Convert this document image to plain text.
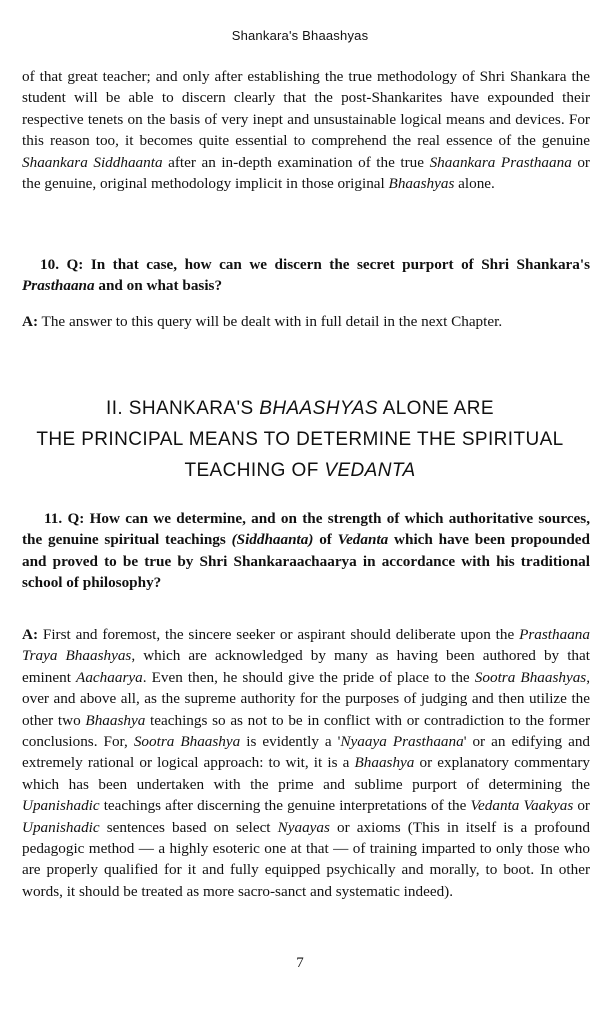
Shankara's Bhaashyas

of that great teacher; and only after establishing the true methodology of Shri Shankara the student will be able to discern clearly that the post-Shankarites have expounded their respective tenets on the basis of very inept and unsustainable logical means and devices. For this reason too, it becomes quite essential to comprehend the real essence of the genuine Shaankara Siddhaanta after an in-depth examination of the true Shaankara Prasthaana or the genuine, original methodology implicit in those original Bhaashyas alone.

10. Q: In that case, how can we discern the secret purport of Shri Shankara's Prasthaana and on what basis?

A: The answer to this query will be dealt with in full detail in the next Chapter.

II. SHANKARA'S BHAASHYAS ALONE ARE
THE PRINCIPAL MEANS TO DETERMINE THE SPIRITUAL
TEACHING OF VEDANTA

11. Q: How can we determine, and on the strength of which authoritative sources, the genuine spiritual teachings (Siddhaanta) of Vedanta which have been propounded and proved to be true by Shri Shankaraachaarya in accordance with his traditional school of philosophy?

A: First and foremost, the sincere seeker or aspirant should deliberate upon the Prasthaana Traya Bhaashyas, which are acknowledged by many as having been authored by that eminent Aachaarya. Even then, he should give the pride of place to the Sootra Bhaashyas, over and above all, as the supreme authority for the purposes of judging and then utilize the other two Bhaashya teachings so as not to be in conflict with or contradiction to the former conclusions. For, Sootra Bhaashya is evidently a 'Nyaaya Prasthaana' or an edifying and extremely rational or logical approach: to wit, it is a Bhaashya or explanatory commentary which has been undertaken with the prime and sublime purport of determining the Upanishadic teachings after discerning the genuine interpretations of the Vedanta Vaakyas or Upanishadic sentences based on select Nyaayas or axioms (This in itself is a profound pedagogic method — a highly esoteric one at that — of training imparted to only those who are properly qualified for it and fully equipped psychically and morally, to boot. In other words, it should be treated as more sacro-sanct and systematic indeed).

7
